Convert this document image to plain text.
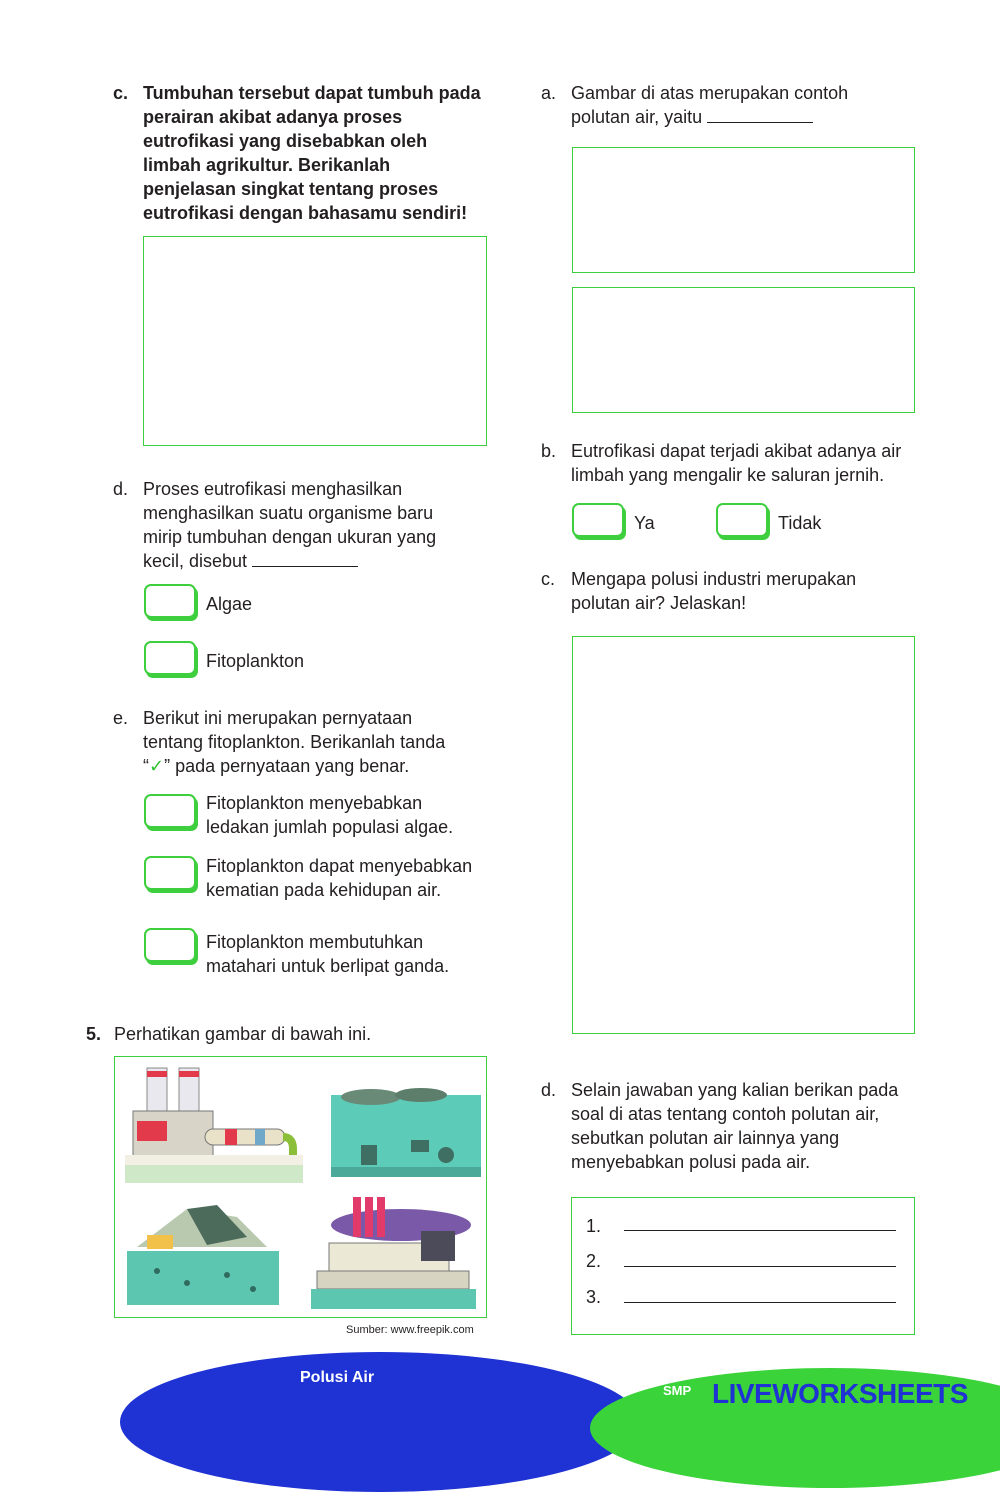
c. Tumbuhan tersebut dapat tumbuh pada perairan akibat adanya proses eutrofikasi yang disebabkan oleh limbah agrikultur. Berikanlah penjelasan singkat tentang proses eutrofikasi dengan bahasamu sendiri!
d. Proses eutrofikasi menghasilkan menghasilkan suatu organisme baru mirip tumbuhan dengan ukuran yang kecil, disebut
Algae
Fitoplankton
e. Berikut ini merupakan pernyataan tentang fitoplankton. Berikanlah tanda “✓” pada pernyataan yang benar.
Fitoplankton menyebabkan ledakan jumlah populasi algae.
Fitoplankton dapat menyebabkan kematian pada kehidupan air.
Fitoplankton membutuhkan matahari untuk berlipat ganda.
5. Perhatikan gambar di bawah ini.
Sumber: www.freepik.com
a. Gambar di atas merupakan contoh polutan air, yaitu
b. Eutrofikasi dapat terjadi akibat adanya air limbah yang mengalir ke saluran jernih.
Ya	Tidak
c. Mengapa polusi industri merupakan polutan air? Jelaskan!
d. Selain jawaban yang kalian berikan pada soal di atas tentang contoh polutan air, sebutkan polutan air lainnya yang menyebabkan polusi pada air.
1.
2.
3.
Polusi Air
SMP LIVEWORKSHEETS
